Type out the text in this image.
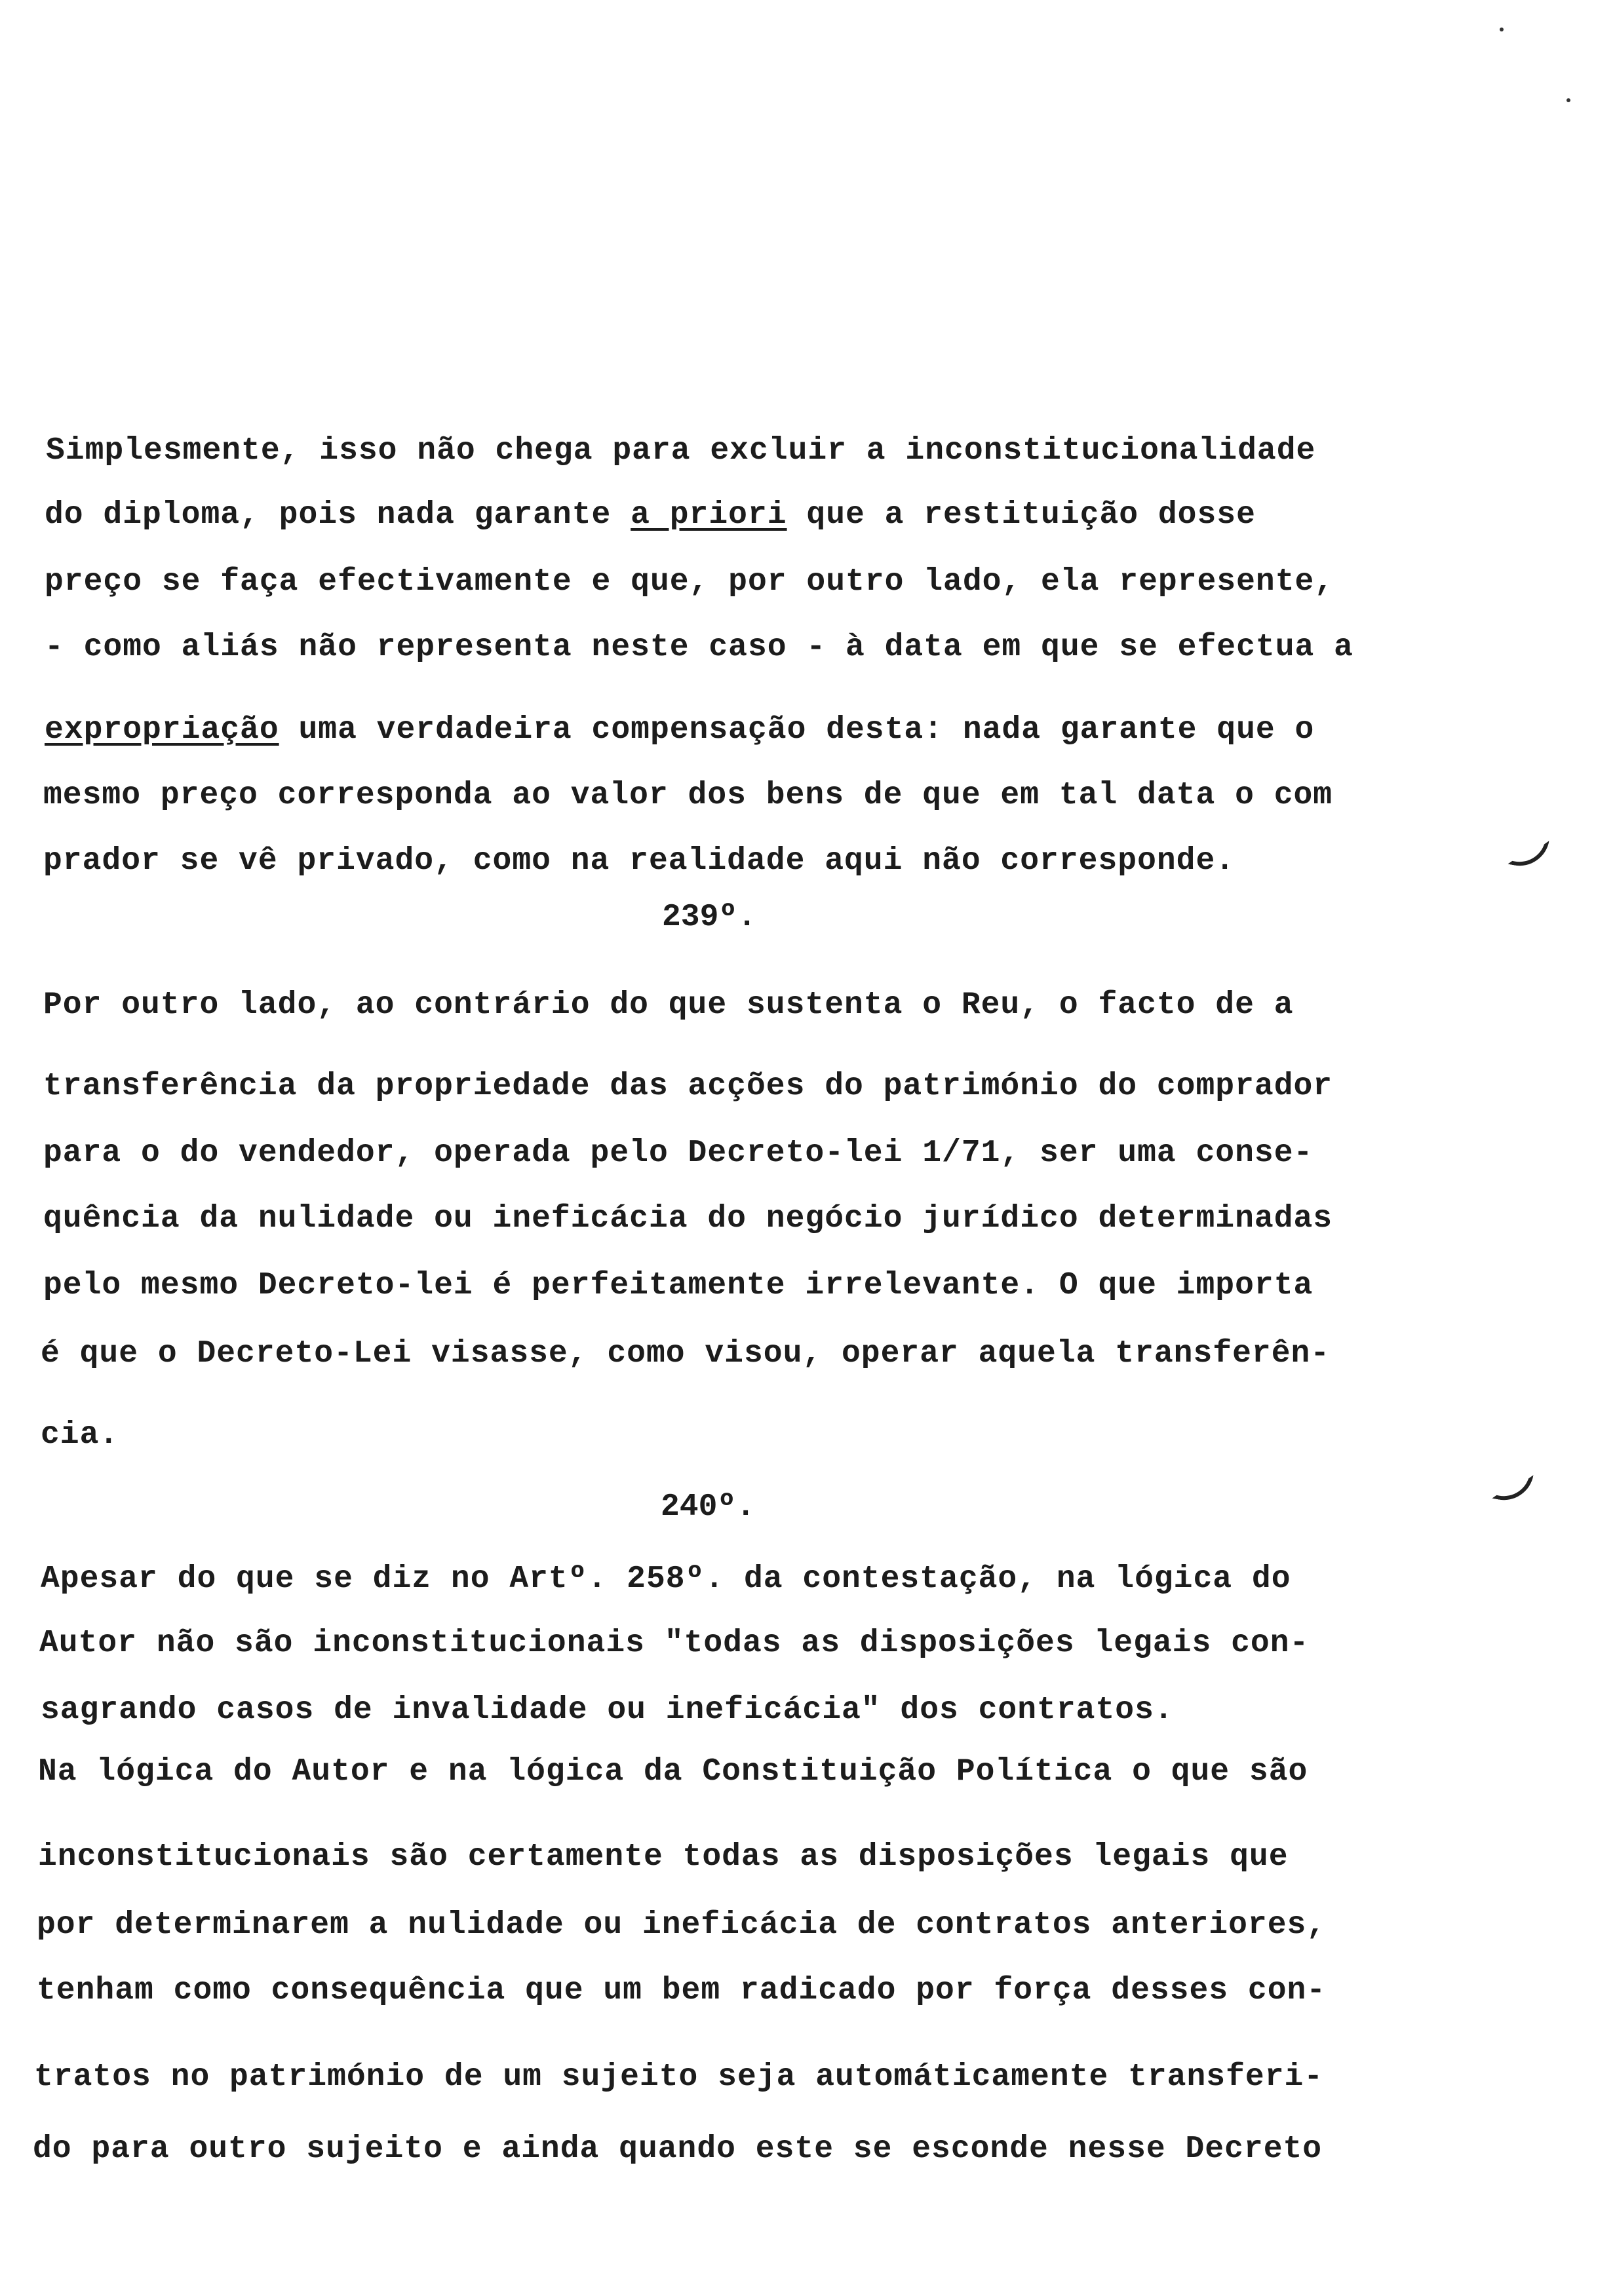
Simplesmente, isso não chega para excluir a inconstitucionalidade
do diploma, pois nada garante a priori que a restituição dosse
preço se faça efectivamente e que, por outro lado, ela represente,
- como aliás não representa neste caso - à data em que se efectua a
expropriação uma verdadeira compensação desta: nada garante que o
mesmo preço corresponda ao valor dos bens de que em tal data o com
prador se vê privado, como na realidade aqui não corresponde.
239º.
Por outro lado, ao contrário do que sustenta o Reu, o facto de a
transferência da propriedade das acções do património do comprador
para o do vendedor, operada pelo Decreto-lei 1/71, ser uma conse-
quência da nulidade ou ineficácia do negócio jurídico determinadas
pelo mesmo Decreto-lei é perfeitamente irrelevante. O que importa
é que o Decreto-Lei visasse, como visou, operar aquela transferên-
cia.
240º.
Apesar do que se diz no Artº. 258º. da contestação, na lógica do
Autor não são inconstitucionais "todas as disposições legais con-
sagrando casos de invalidade ou ineficácia" dos contratos.
Na lógica do Autor e na lógica da Constituição Política o que são
inconstitucionais são certamente todas as disposições legais que
por determinarem a nulidade ou ineficácia de contratos anteriores,
tenham como consequência que um bem radicado por força desses con-
tratos no património de um sujeito seja automáticamente transferi-
do para outro sujeito e ainda quando este se esconde nesse Decreto
